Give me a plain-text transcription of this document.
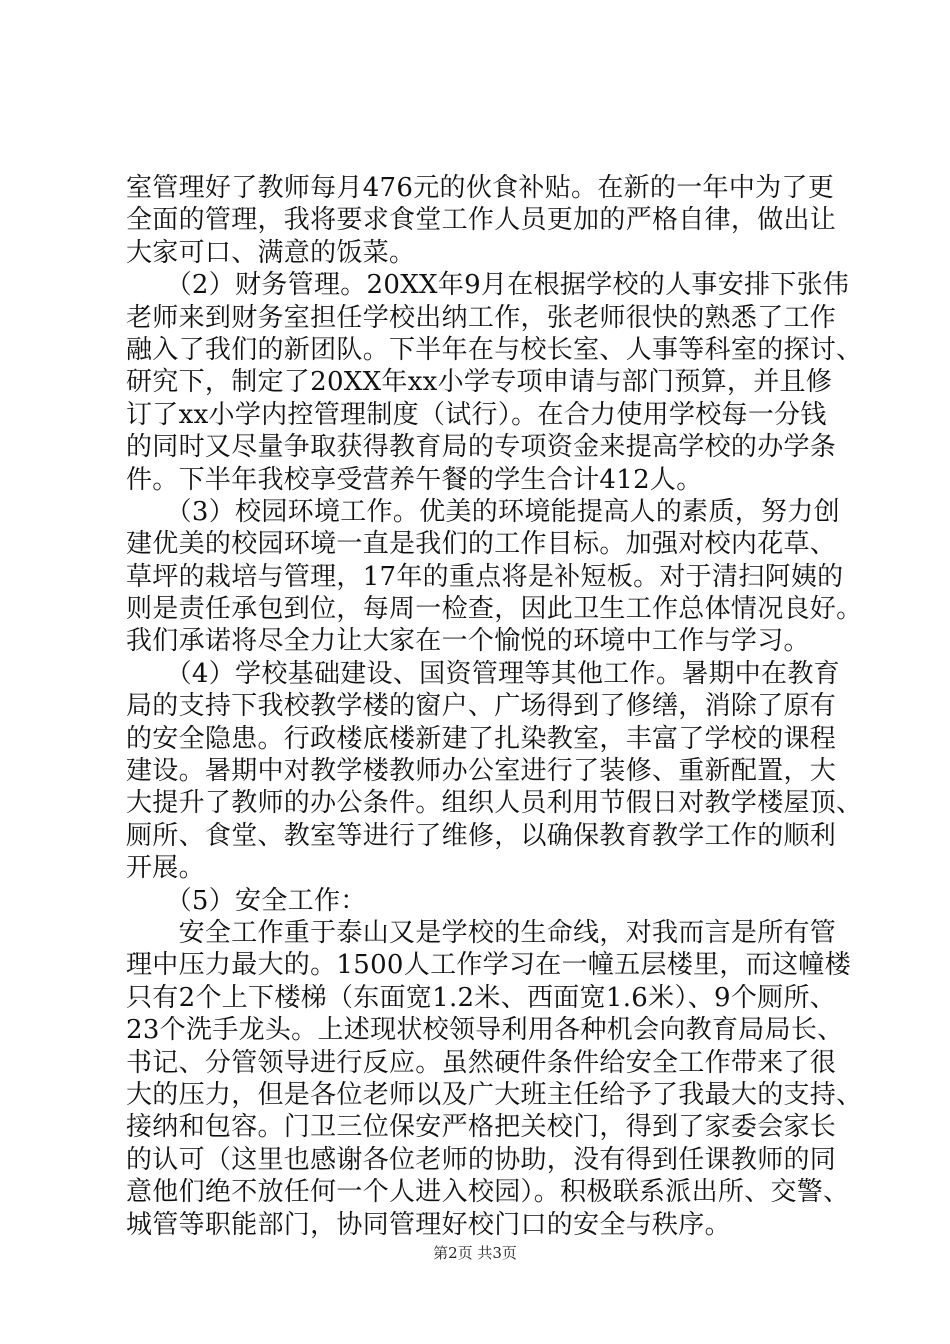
室管理好了教师每月476元的伙食补贴。在新的一年中为了更
全面的管理，我将要求食堂工作人员更加的严格自律，做出让
大家可口、满意的饭菜。
　　（2）财务管理。20XX年9月在根据学校的人事安排下张伟
老师来到财务室担任学校出纳工作，张老师很快的熟悉了工作
融入了我们的新团队。下半年在与校长室、人事等科室的探讨、
研究下，制定了20XX年xx小学专项申请与部门预算，并且修
订了xx小学内控管理制度（试行）。在合力使用学校每一分钱
的同时又尽量争取获得教育局的专项资金来提高学校的办学条
件。下半年我校享受营养午餐的学生合计412人。
　　（3）校园环境工作。优美的环境能提高人的素质，努力创
建优美的校园环境一直是我们的工作目标。加强对校内花草、
草坪的栽培与管理，17年的重点将是补短板。对于清扫阿姨的
则是责任承包到位，每周一检查，因此卫生工作总体情况良好。
我们承诺将尽全力让大家在一个愉悦的环境中工作与学习。
　　（4）学校基础建设、国资管理等其他工作。暑期中在教育
局的支持下我校教学楼的窗户、广场得到了修缮，消除了原有
的安全隐患。行政楼底楼新建了扎染教室，丰富了学校的课程
建设。暑期中对教学楼教师办公室进行了装修、重新配置，大
大提升了教师的办公条件。组织人员利用节假日对教学楼屋顶、
厕所、食堂、教室等进行了维修，以确保教育教学工作的顺利
开展。
　　（5）安全工作：
　　安全工作重于泰山又是学校的生命线，对我而言是所有管
理中压力最大的。1500人工作学习在一幢五层楼里，而这幢楼
只有2个上下楼梯（东面宽1.2米、西面宽1.6米）、9个厕所、
23个洗手龙头。上述现状校领导利用各种机会向教育局局长、
书记、分管领导进行反应。虽然硬件条件给安全工作带来了很
大的压力，但是各位老师以及广大班主任给予了我最大的支持、
接纳和包容。门卫三位保安严格把关校门，得到了家委会家长
的认可（这里也感谢各位老师的协助，没有得到任课教师的同
意他们绝不放任何一个人进入校园）。积极联系派出所、交警、
城管等职能部门，协同管理好校门口的安全与秩序。
第2页 共3页
